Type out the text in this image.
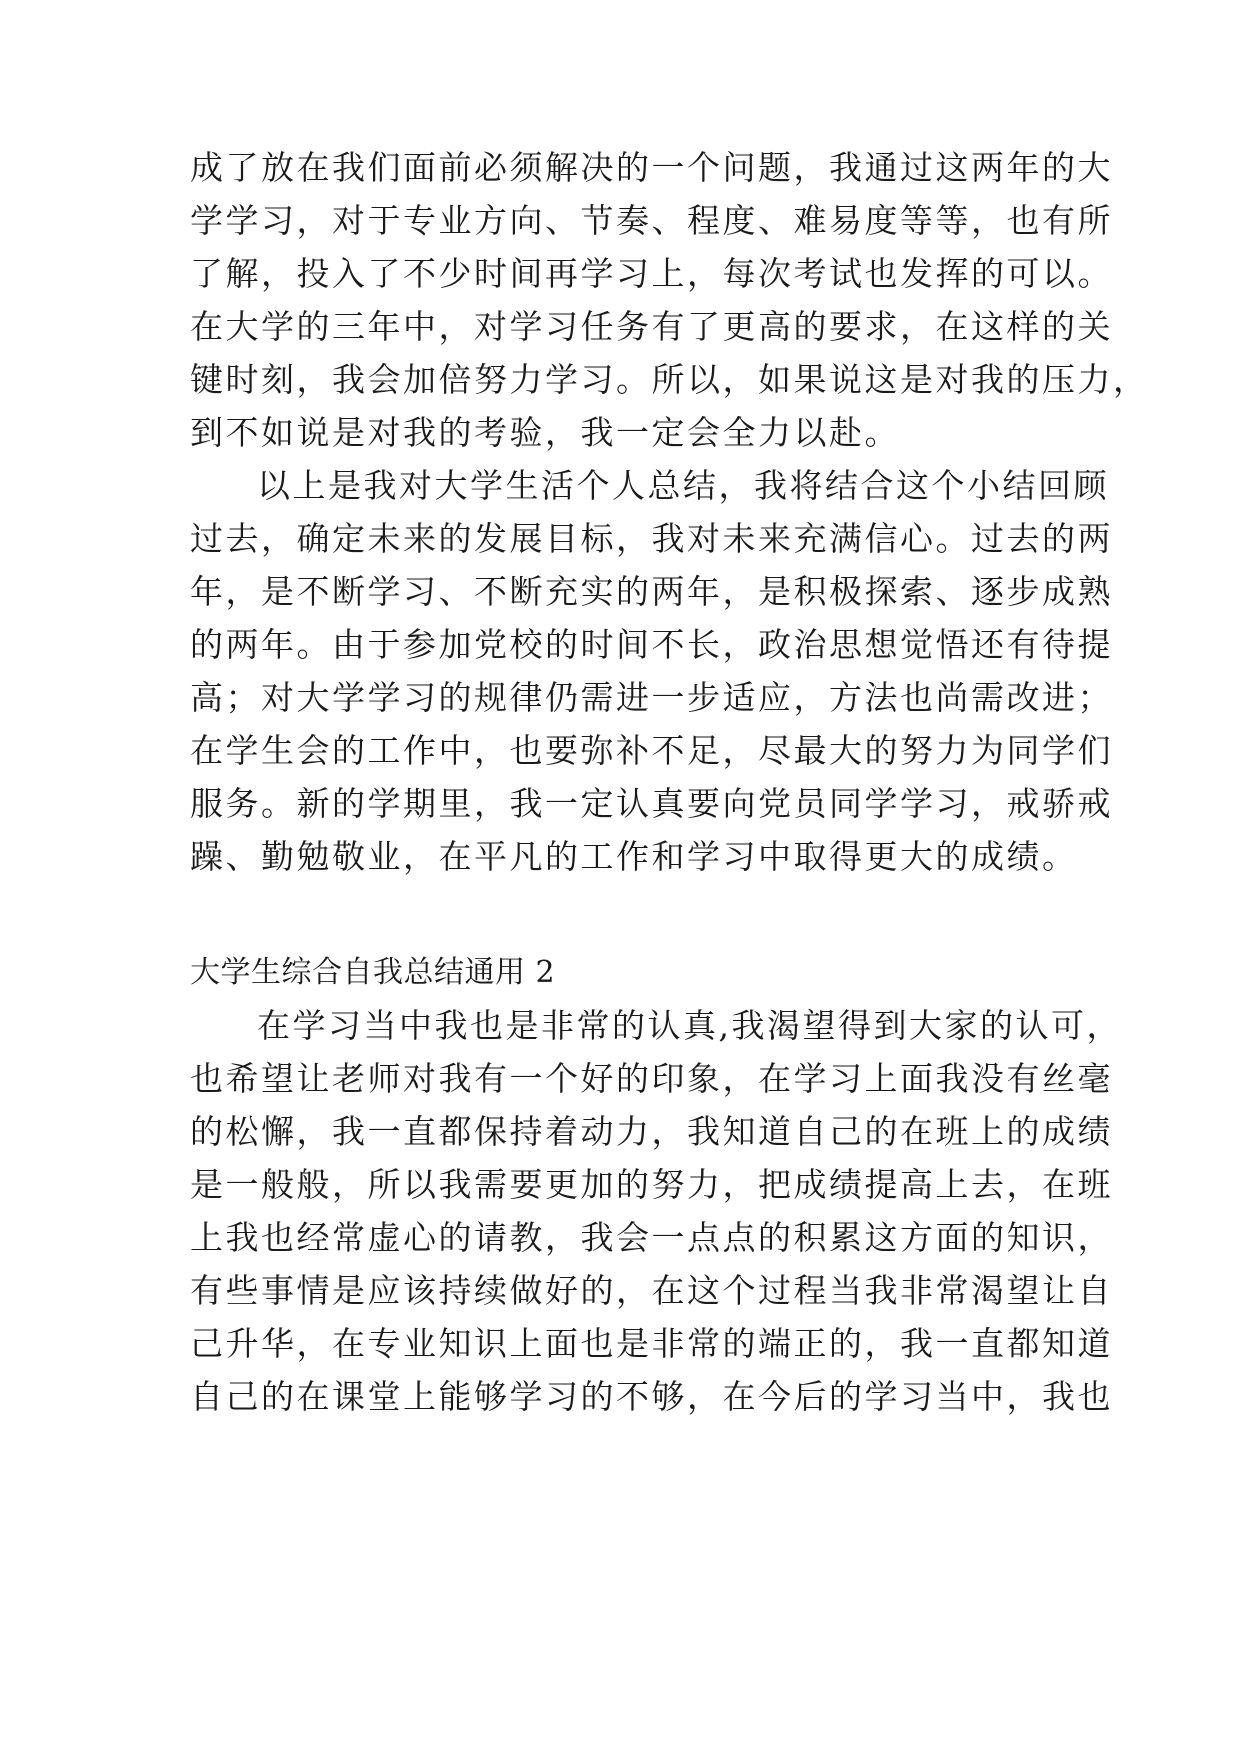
成了放在我们面前必须解决的一个问题，我通过这两年的大
学学习，对于专业方向、节奏、程度、难易度等等，也有所
了解，投入了不少时间再学习上，每次考试也发挥的可以。
在大学的三年中，对学习任务有了更高的要求，在这样的关
键时刻，我会加倍努力学习。所以，如果说这是对我的压力，
到不如说是对我的考验，我一定会全力以赴。
以上是我对大学生活个人总结，我将结合这个小结回顾
过去，确定未来的发展目标，我对未来充满信心。过去的两
年，是不断学习、不断充实的两年，是积极探索、逐步成熟
的两年。由于参加党校的时间不长，政治思想觉悟还有待提
高；对大学学习的规律仍需进一步适应，方法也尚需改进；
在学生会的工作中，也要弥补不足，尽最大的努力为同学们
服务。新的学期里，我一定认真要向党员同学学习，戒骄戒
躁、勤勉敬业，在平凡的工作和学习中取得更大的成绩。
大学生综合自我总结通用 2
在学习当中我也是非常的认真,我渴望得到大家的认可，
也希望让老师对我有一个好的印象，在学习上面我没有丝毫
的松懈，我一直都保持着动力，我知道自己的在班上的成绩
是一般般，所以我需要更加的努力，把成绩提高上去，在班
上我也经常虚心的请教，我会一点点的积累这方面的知识，
有些事情是应该持续做好的，在这个过程当我非常渴望让自
己升华，在专业知识上面也是非常的端正的，我一直都知道
自己的在课堂上能够学习的不够，在今后的学习当中，我也
